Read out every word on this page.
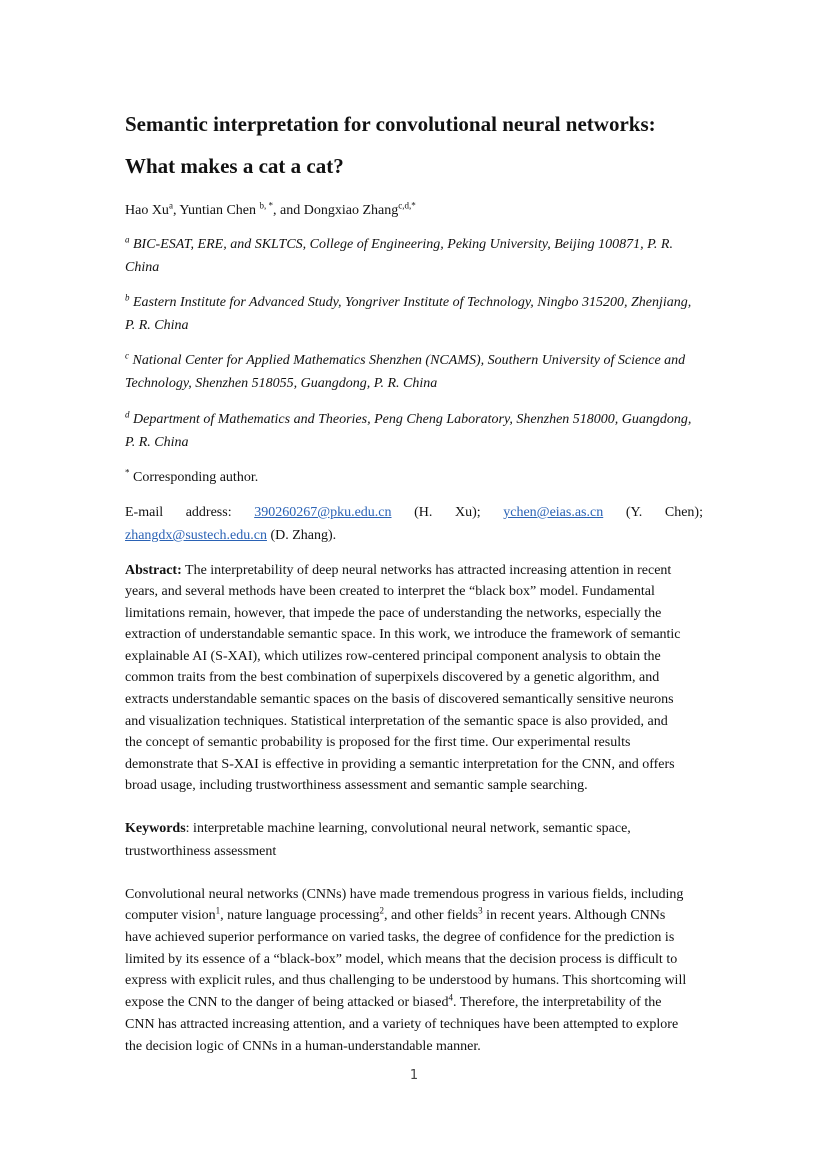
Semantic interpretation for convolutional neural networks:
What makes a cat a cat?
Hao Xu$^a$, Yuntian Chen $^{b, *}$, and Dongxiao Zhang$^{c,d,*}$
$^a$ BIC-ESAT, ERE, and SKLTCS, College of Engineering, Peking University, Beijing 100871, P. R.
China
$^b$ Eastern Institute for Advanced Study, Yongriver Institute of Technology, Ningbo 315200, Zhenjiang,
P. R. China
$^c$ National Center for Applied Mathematics Shenzhen (NCAMS), Southern University of Science and
Technology, Shenzhen 518055, Guangdong, P. R. China
$^d$ Department of Mathematics and Theories, Peng Cheng Laboratory, Shenzhen 518000, Guangdong,
P. R. China
* Corresponding author.
E-mail address: 390260267@pku.edu.cn (H. Xu); ychen@eias.as.cn (Y. Chen);
zhangdx@sustech.edu.cn (D. Zhang).
Abstract: The interpretability of deep neural networks has attracted increasing attention in recent
years, and several methods have been created to interpret the “black box” model. Fundamental
limitations remain, however, that impede the pace of understanding the networks, especially the
extraction of understandable semantic space. In this work, we introduce the framework of semantic
explainable AI (S-XAI), which utilizes row-centered principal component analysis to obtain the
common traits from the best combination of superpixels discovered by a genetic algorithm, and
extracts understandable semantic spaces on the basis of discovered semantically sensitive neurons
and visualization techniques. Statistical interpretation of the semantic space is also provided, and
the concept of semantic probability is proposed for the first time. Our experimental results
demonstrate that S-XAI is effective in providing a semantic interpretation for the CNN, and offers
broad usage, including trustworthiness assessment and semantic sample searching.
Keywords: interpretable machine learning, convolutional neural network, semantic space,
trustworthiness assessment
Convolutional neural networks (CNNs) have made tremendous progress in various fields, including
computer vision$^1$, nature language processing$^2$, and other fields$^3$ in recent years. Although CNNs
have achieved superior performance on varied tasks, the degree of confidence for the prediction is
limited by its essence of a “black-box” model, which means that the decision process is difficult to
express with explicit rules, and thus challenging to be understood by humans. This shortcoming will
expose the CNN to the danger of being attacked or biased$^4$. Therefore, the interpretability of the
CNN has attracted increasing attention, and a variety of techniques have been attempted to explore
the decision logic of CNNs in a human-understandable manner.
1
